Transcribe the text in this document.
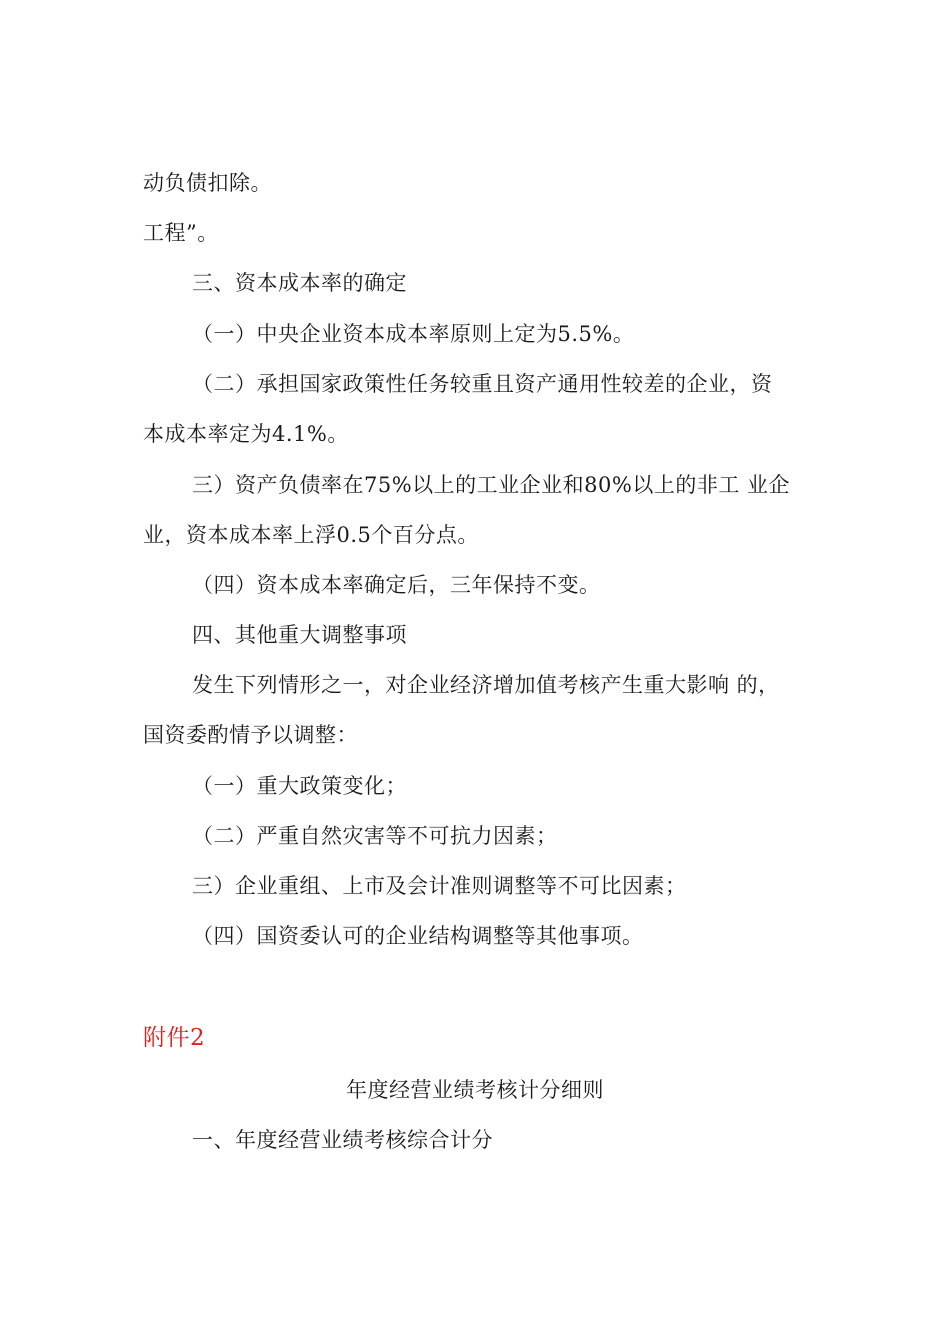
动负债扣除。
工程”。
三、资本成本率的确定
（一）中央企业资本成本率原则上定为5.5%。
（二）承担国家政策性任务较重且资产通用性较差的企业，资
本成本率定为4.1%。
三）资产负债率在75%以上的工业企业和80%以上的非工 业企
业，资本成本率上浮0.5个百分点。
（四）资本成本率确定后，三年保持不变。
四、其他重大调整事项
发生下列情形之一，对企业经济增加值考核产生重大影响 的，
国资委酌情予以调整：
（一）重大政策变化；
（二）严重自然灾害等不可抗力因素；
三）企业重组、上市及会计准则调整等不可比因素；
（四）国资委认可的企业结构调整等其他事项。
附件2
年度经营业绩考核计分细则
一、年度经营业绩考核综合计分
